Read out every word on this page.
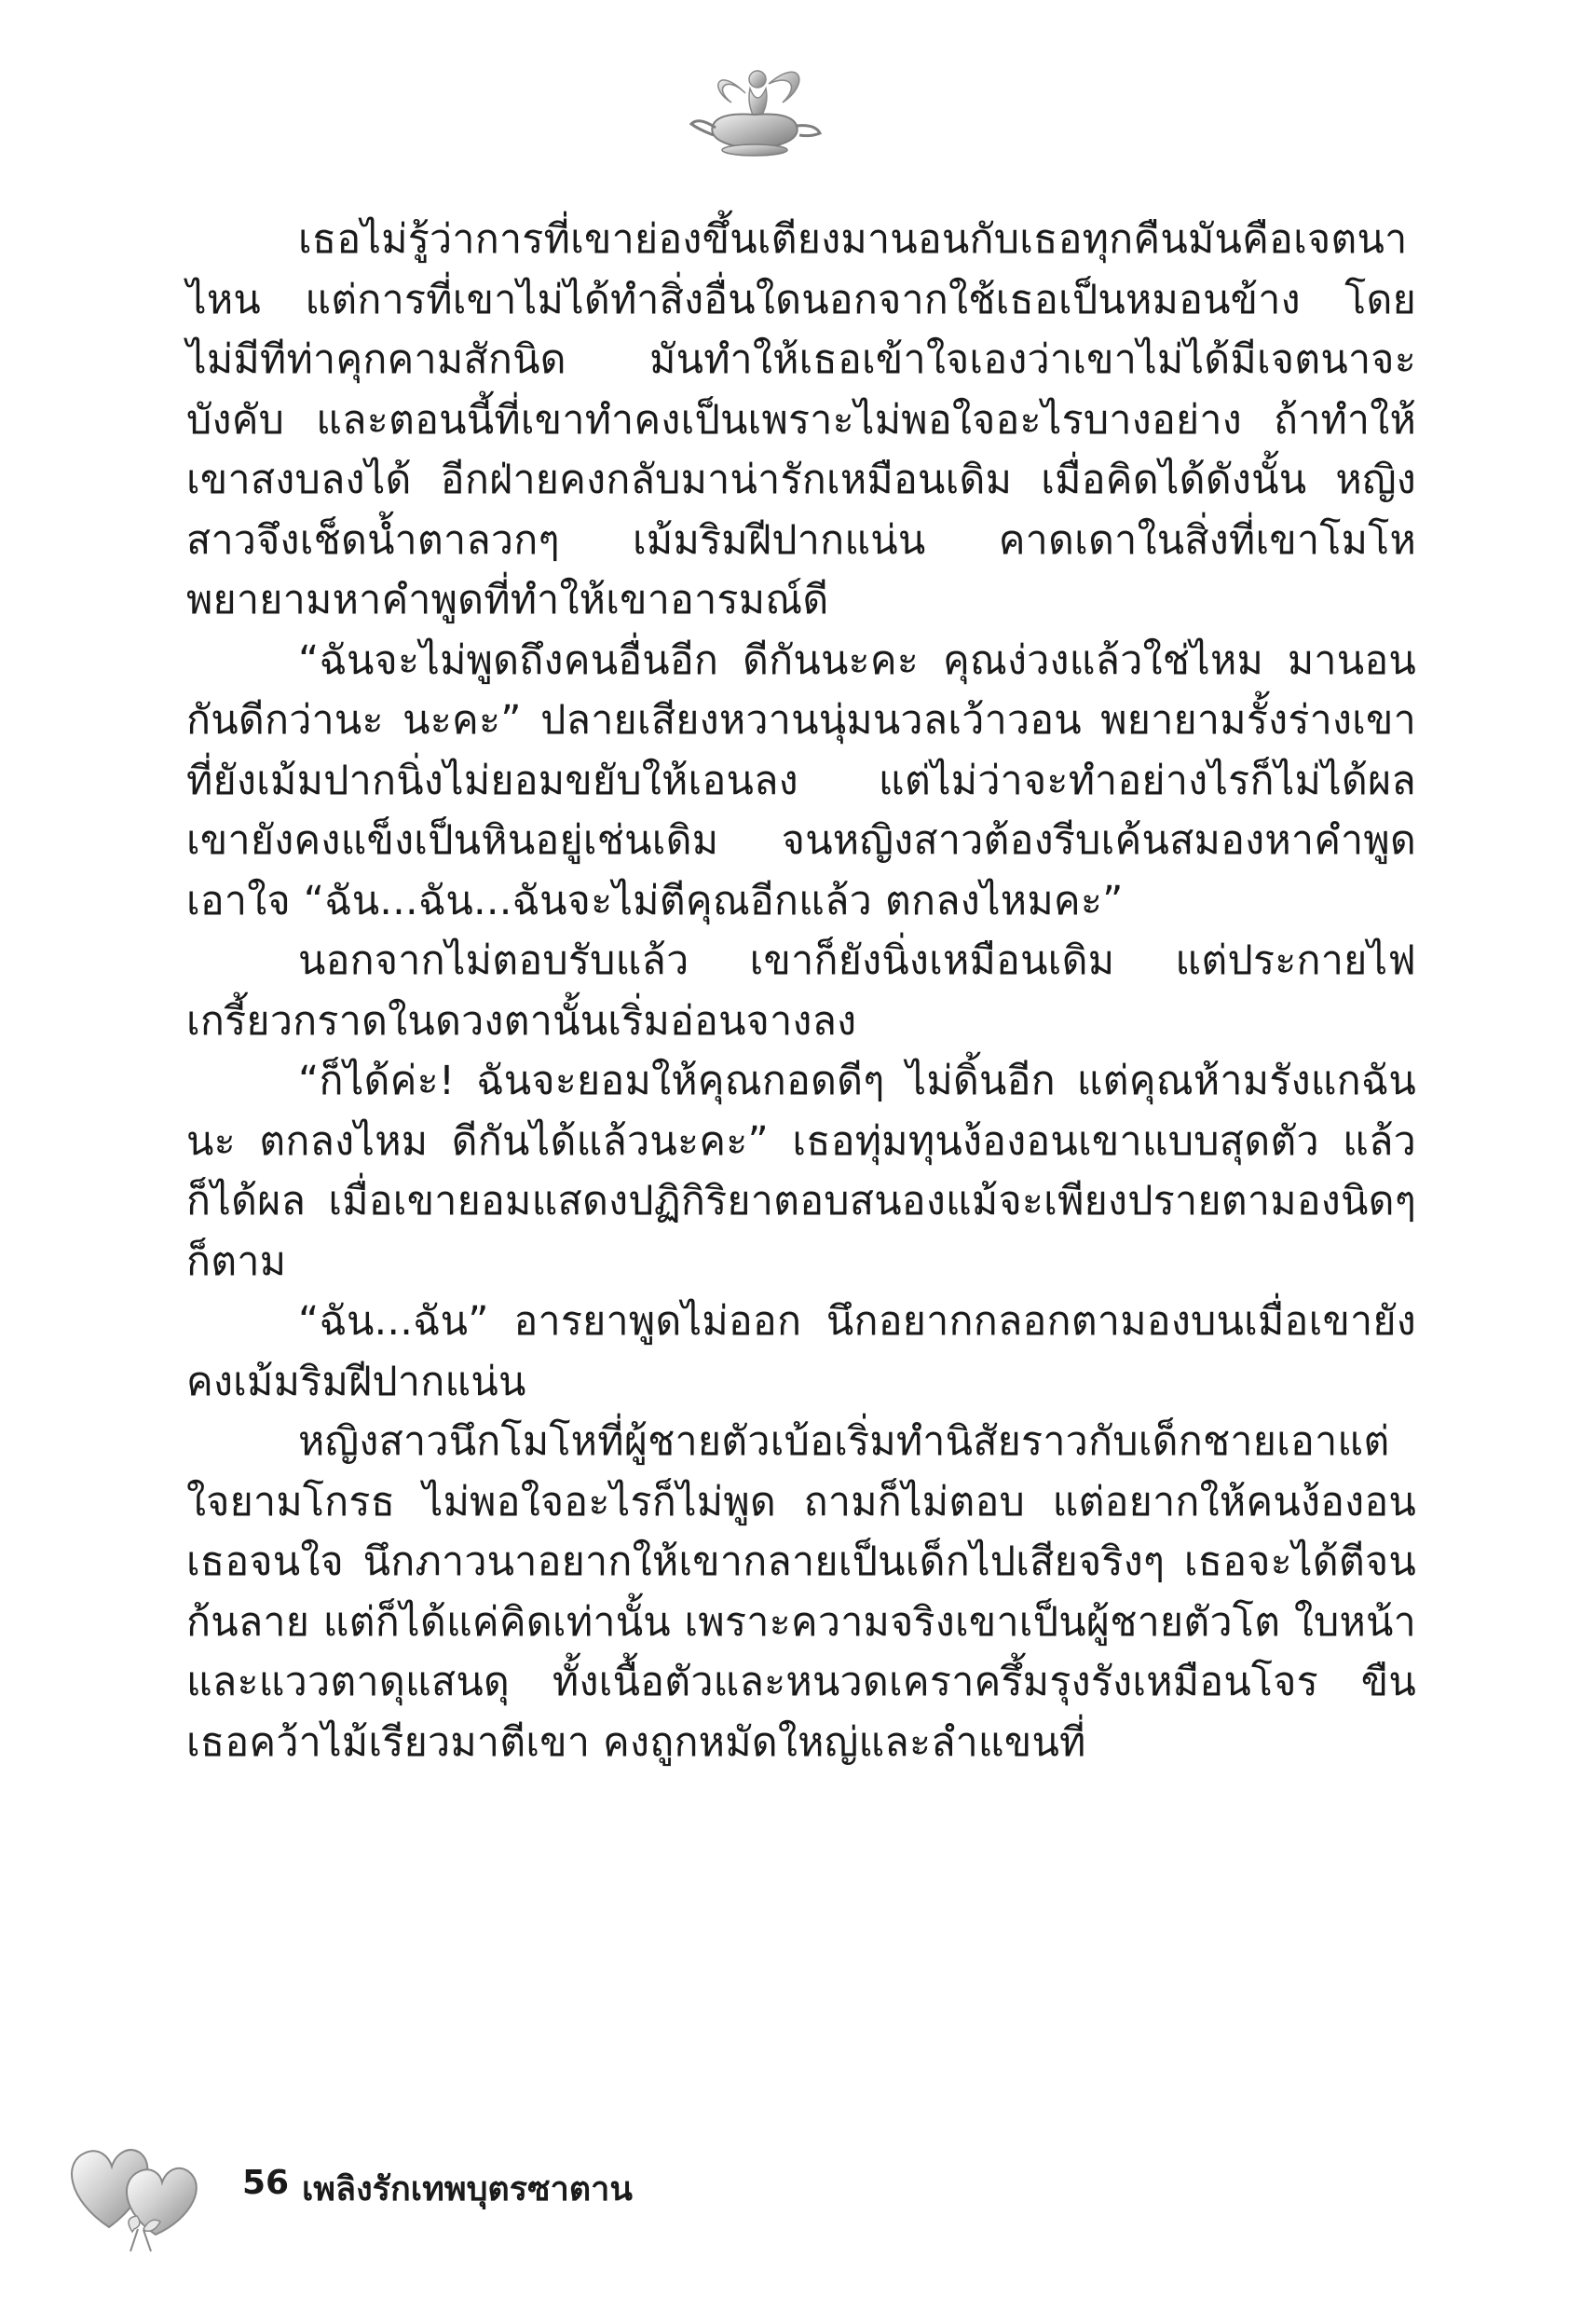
เธอไม่รู้ว่าการที่เขาย่องขึ้นเตียงมานอนกับเธอทุกคืนมันคือเจตนาไหน แต่การที่เขาไม่ได้ทำสิ่งอื่นใดนอกจากใช้เธอเป็นหมอนข้าง โดยไม่มีทีท่าคุกคามสักนิด มันทำให้เธอเข้าใจเองว่าเขาไม่ได้มีเจตนาจะบังคับ และตอนนี้ที่เขาทำคงเป็นเพราะไม่พอใจอะไรบางอย่าง ถ้าทำให้เขาสงบลงได้ อีกฝ่ายคงกลับมาน่ารักเหมือนเดิม เมื่อคิดได้ดังนั้น หญิงสาวจึงเช็ดน้ำตาลวกๆ เม้มริมฝีปากแน่น คาดเดาในสิ่งที่เขาโมโห พยายามหาคำพูดที่ทำให้เขาอารมณ์ดี

“ฉันจะไม่พูดถึงคนอื่นอีก ดีกันนะคะ คุณง่วงแล้วใช่ไหม มานอนกันดีกว่านะ นะคะ” ปลายเสียงหวานนุ่มนวลเว้าวอน พยายามรั้งร่างเขาที่ยังเม้มปากนิ่งไม่ยอมขยับให้เอนลง แต่ไม่ว่าจะทำอย่างไรก็ไม่ได้ผล เขายังคงแข็งเป็นหินอยู่เช่นเดิม จนหญิงสาวต้องรีบเค้นสมองหาคำพูดเอาใจ “ฉัน...ฉัน...ฉันจะไม่ตีคุณอีกแล้ว ตกลงไหมคะ”

นอกจากไม่ตอบรับแล้ว เขาก็ยังนิ่งเหมือนเดิม แต่ประกายไฟเกรี้ยวกราดในดวงตานั้นเริ่มอ่อนจางลง

“ก็ได้ค่ะ! ฉันจะยอมให้คุณกอดดีๆ ไม่ดิ้นอีก แต่คุณห้ามรังแกฉันนะ ตกลงไหม ดีกันได้แล้วนะคะ” เธอทุ่มทุนง้องอนเขาแบบสุดตัว แล้วก็ได้ผล เมื่อเขายอมแสดงปฏิกิริยาตอบสนองแม้จะเพียงปรายตามองนิดๆ ก็ตาม

“ฉัน...ฉัน” อารยาพูดไม่ออก นึกอยากกลอกตามองบนเมื่อเขายังคงเม้มริมฝีปากแน่น

หญิงสาวนึกโมโหที่ผู้ชายตัวเบ้อเริ่มทำนิสัยราวกับเด็กชายเอาแต่ใจยามโกรธ ไม่พอใจอะไรก็ไม่พูด ถามก็ไม่ตอบ แต่อยากให้คนง้องอน เธอจนใจ นึกภาวนาอยากให้เขากลายเป็นเด็กไปเสียจริงๆ เธอจะได้ตีจนก้นลาย แต่ก็ได้แค่คิดเท่านั้น เพราะความจริงเขาเป็นผู้ชายตัวโต ใบหน้าและแววตาดุแสนดุ ทั้งเนื้อตัวและหนวดเคราครึ้มรุงรังเหมือนโจร ขืนเธอคว้าไม้เรียวมาตีเขา คงถูกหมัดใหญ่และลำแขนที่

56 เพลิงรักเทพบุตรซาตาน
